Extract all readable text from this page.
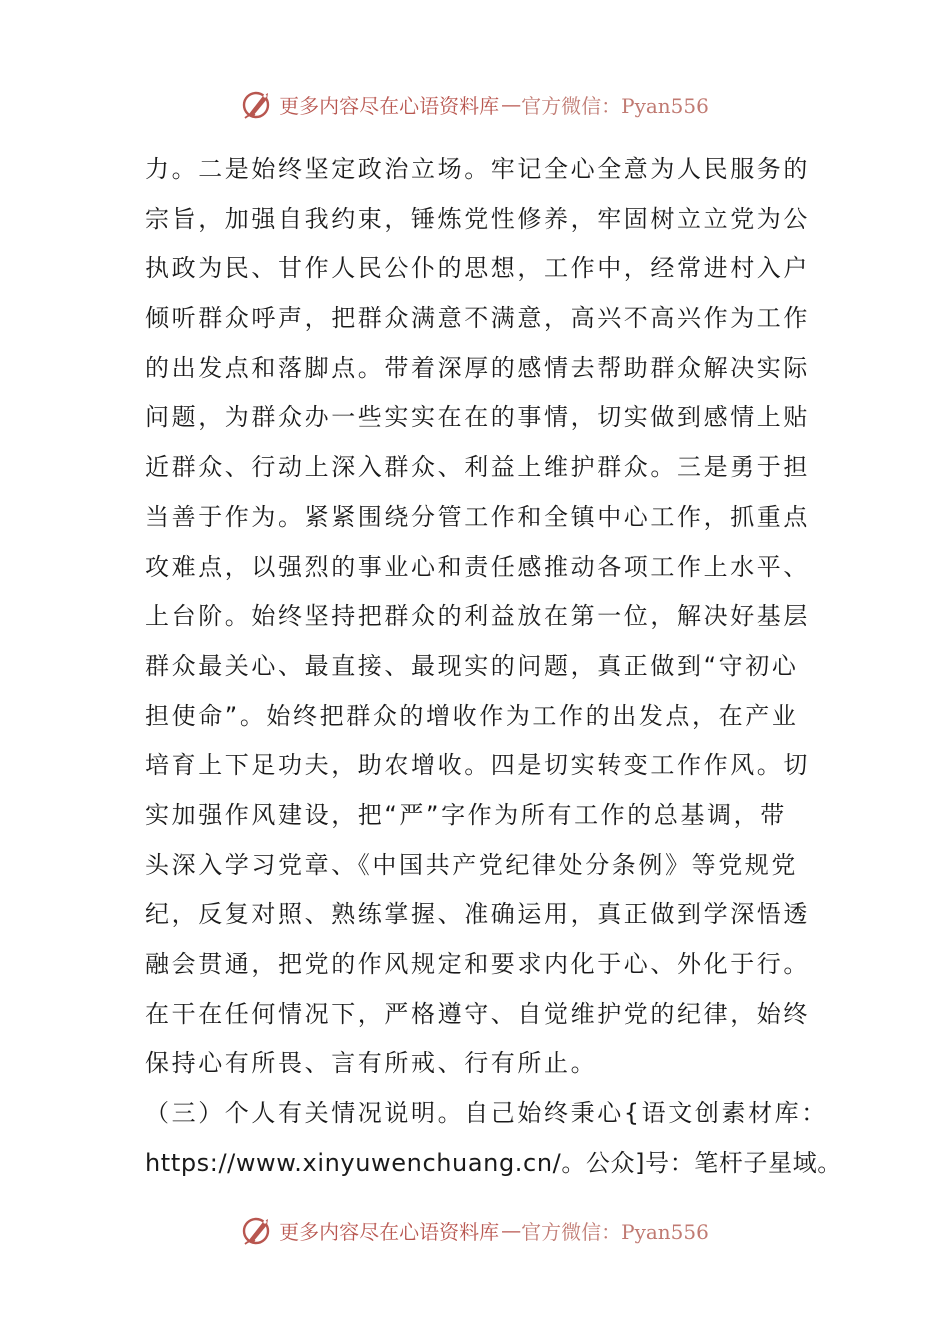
更多内容尽在心语资料库 — 官方微信：Pyan556
力。二是始终坚定政治立场。牢记全心全意为人民服务的
宗旨，加强自我约束，锤炼党性修养，牢固树立立党为公
执政为民、甘作人民公仆的思想，工作中，经常进村入户
倾听群众呼声，把群众满意不满意，高兴不高兴作为工作
的出发点和落脚点。带着深厚的感情去帮助群众解决实际
问题，为群众办一些实实在在的事情，切实做到感情上贴
近群众、行动上深入群众、利益上维护群众。三是勇于担
当善于作为。紧紧围绕分管工作和全镇中心工作，抓重点
攻难点，以强烈的事业心和责任感推动各项工作上水平、
上台阶。始终坚持把群众的利益放在第一位，解决好基层
群众最关心、最直接、最现实的问题，真正做到“守初心
担使命”。始终把群众的增收作为工作的出发点，在产业
培育上下足功夫，助农增收。四是切实转变工作作风。切
实加强作风建设，把“严”字作为所有工作的总基调，带
头深入学习党章、《中国共产党纪律处分条例》等党规党
纪，反复对照、熟练掌握、准确运用，真正做到学深悟透
融会贯通，把党的作风规定和要求内化于心、外化于行。
在干在任何情况下，严格遵守、自觉维护党的纪律，始终
保持心有所畏、言有所戒、行有所止。
（三）个人有关情况说明。自己始终秉心{语文创素材库：
https://www.xinyuwenchuang.cn/。公众]号：笔杆子星域。
更多内容尽在心语资料库 — 官方微信：Pyan556
